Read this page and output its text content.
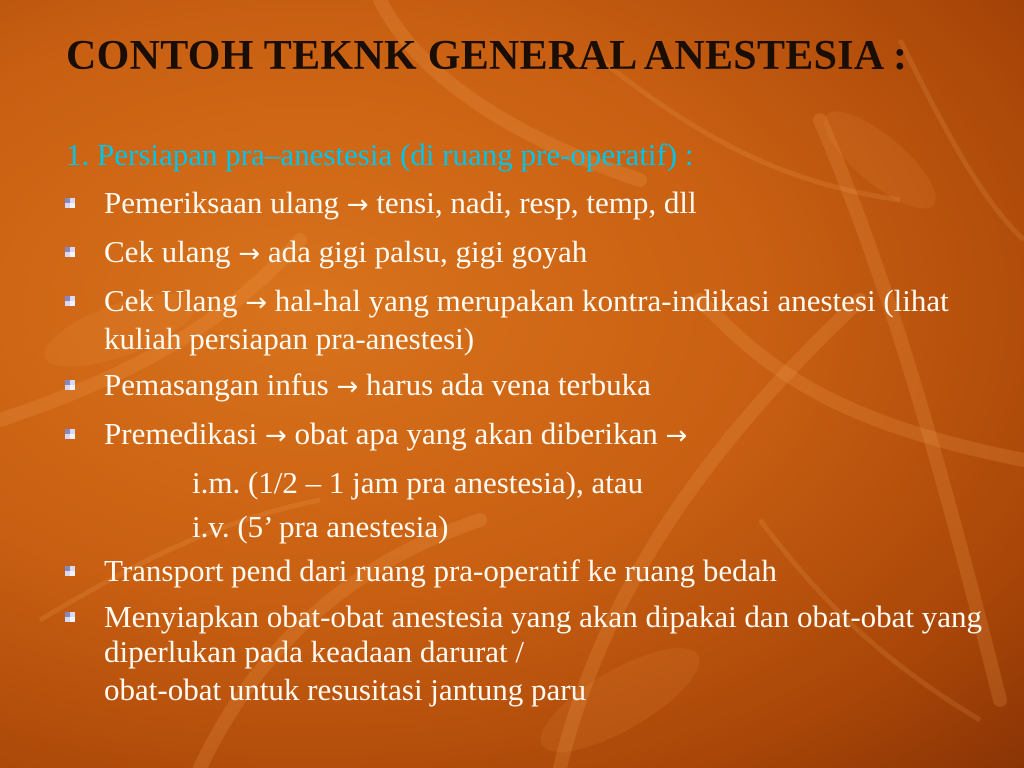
CONTOH TEKNK GENERAL ANESTESIA :
1. Persiapan pra–anestesia (di ruang pre-operatif) :
Pemeriksaan ulang → tensi, nadi, resp, temp, dll
Cek ulang → ada gigi palsu, gigi goyah
Cek Ulang → hal-hal yang merupakan kontra-indikasi anestesi (lihat kuliah persiapan pra-anestesi)
Pemasangan infus → harus ada vena terbuka
Premedikasi → obat apa yang akan diberikan →
i.m. (1/2 – 1 jam pra anestesia), atau
i.v. (5’ pra anestesia)
Transport pend dari ruang pra-operatif ke ruang bedah
Menyiapkan obat-obat anestesia yang akan dipakai dan obat-obat yang diperlukan pada keadaan darurat /
obat-obat untuk resusitasi jantung paru
